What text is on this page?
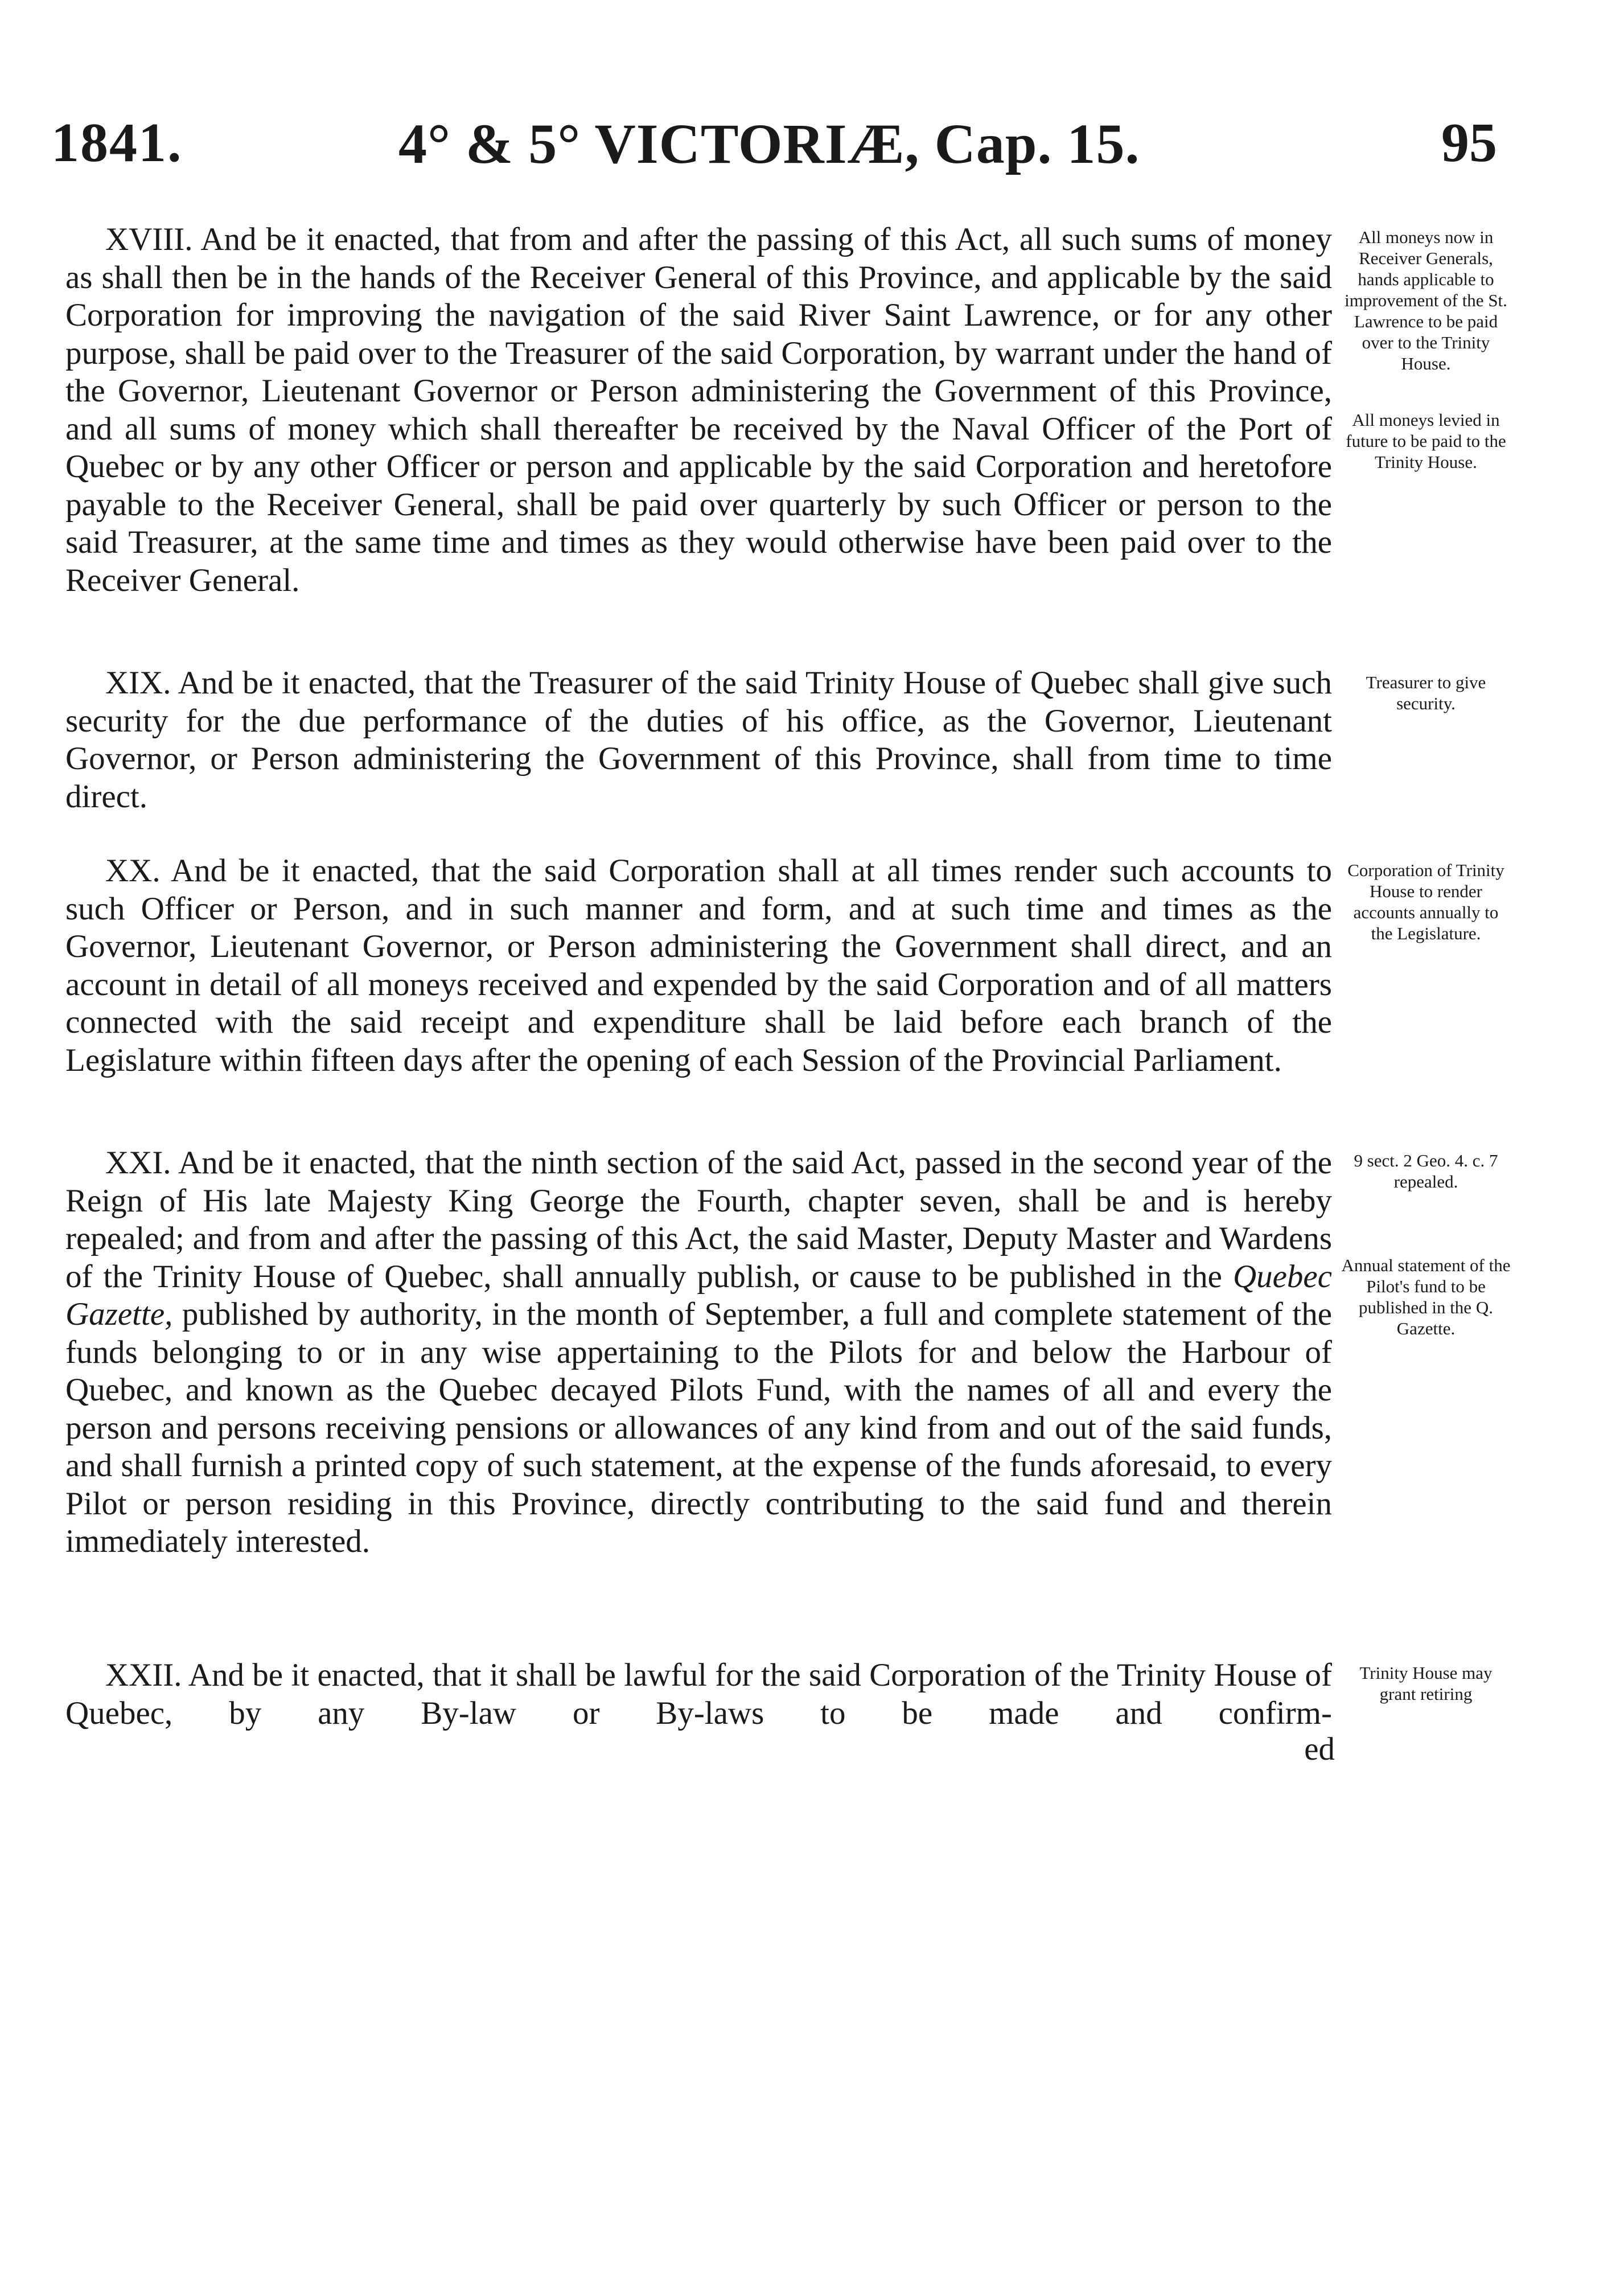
1841.	4° & 5° VICTORIÆ, Cap. 15.	95
XVIII. And be it enacted, that from and after the passing of this Act, all such sums of money as shall then be in the hands of the Receiver General of this Province, and applicable by the said Corporation for improving the navigation of the said River Saint Lawrence, or for any other purpose, shall be paid over to the Treasurer of the said Corporation, by warrant under the hand of the Governor, Lieutenant Governor or Person administering the Government of this Province, and all sums of money which shall thereafter be received by the Naval Officer of the Port of Quebec or by any other Officer or person and applicable by the said Corporation and heretofore payable to the Receiver General, shall be paid over quarterly by such Officer or person to the said Treasurer, at the same time and times as they would otherwise have been paid over to the Receiver General.

All moneys now in Receiver Generals, hands applicable to improvement of the St. Lawrence to be paid over to the Trinity House.

All moneys levied in future to be paid to the Trinity House.

XIX. And be it enacted, that the Treasurer of the said Trinity House of Quebec shall give such security for the due performance of the duties of his office, as the Governor, Lieutenant Governor, or Person administering the Government of this Province, shall from time to time direct.

Treasurer to give security.

XX. And be it enacted, that the said Corporation shall at all times render such accounts to such Officer or Person, and in such manner and form, and at such time and times as the Governor, Lieutenant Governor, or Person administering the Government shall direct, and an account in detail of all moneys received and expended by the said Corporation and of all matters connected with the said receipt and expenditure shall be laid before each branch of the Legislature within fifteen days after the opening of each Session of the Provincial Parliament.

Corporation of Trinity House to render accounts annually to the Legislature.

XXI. And be it enacted, that the ninth section of the said Act, passed in the second year of the Reign of His late Majesty King George the Fourth, chapter seven, shall be and is hereby repealed; and from and after the passing of this Act, the said Master, Deputy Master and Wardens of the Trinity House of Quebec, shall annually publish, or cause to be published in the Quebec Gazette, published by authority, in the month of September, a full and complete statement of the funds belonging to or in any wise appertaining to the Pilots for and below the Harbour of Quebec, and known as the Quebec decayed Pilots Fund, with the names of all and every the person and persons receiving pensions or allowances of any kind from and out of the said funds, and shall furnish a printed copy of such statement, at the expense of the funds aforesaid, to every Pilot or person residing in this Province, directly contributing to the said fund and therein immediately interested.

9 sect. 2 Geo. 4. c. 7 repealed.

Annual statement of the Pilot's fund to be published in the Q. Gazette.

XXII. And be it enacted, that it shall be lawful for the said Corporation of the Trinity House of Quebec, by any By-law or By-laws to be made and confirm-
ed

Trinity House may grant retiring
